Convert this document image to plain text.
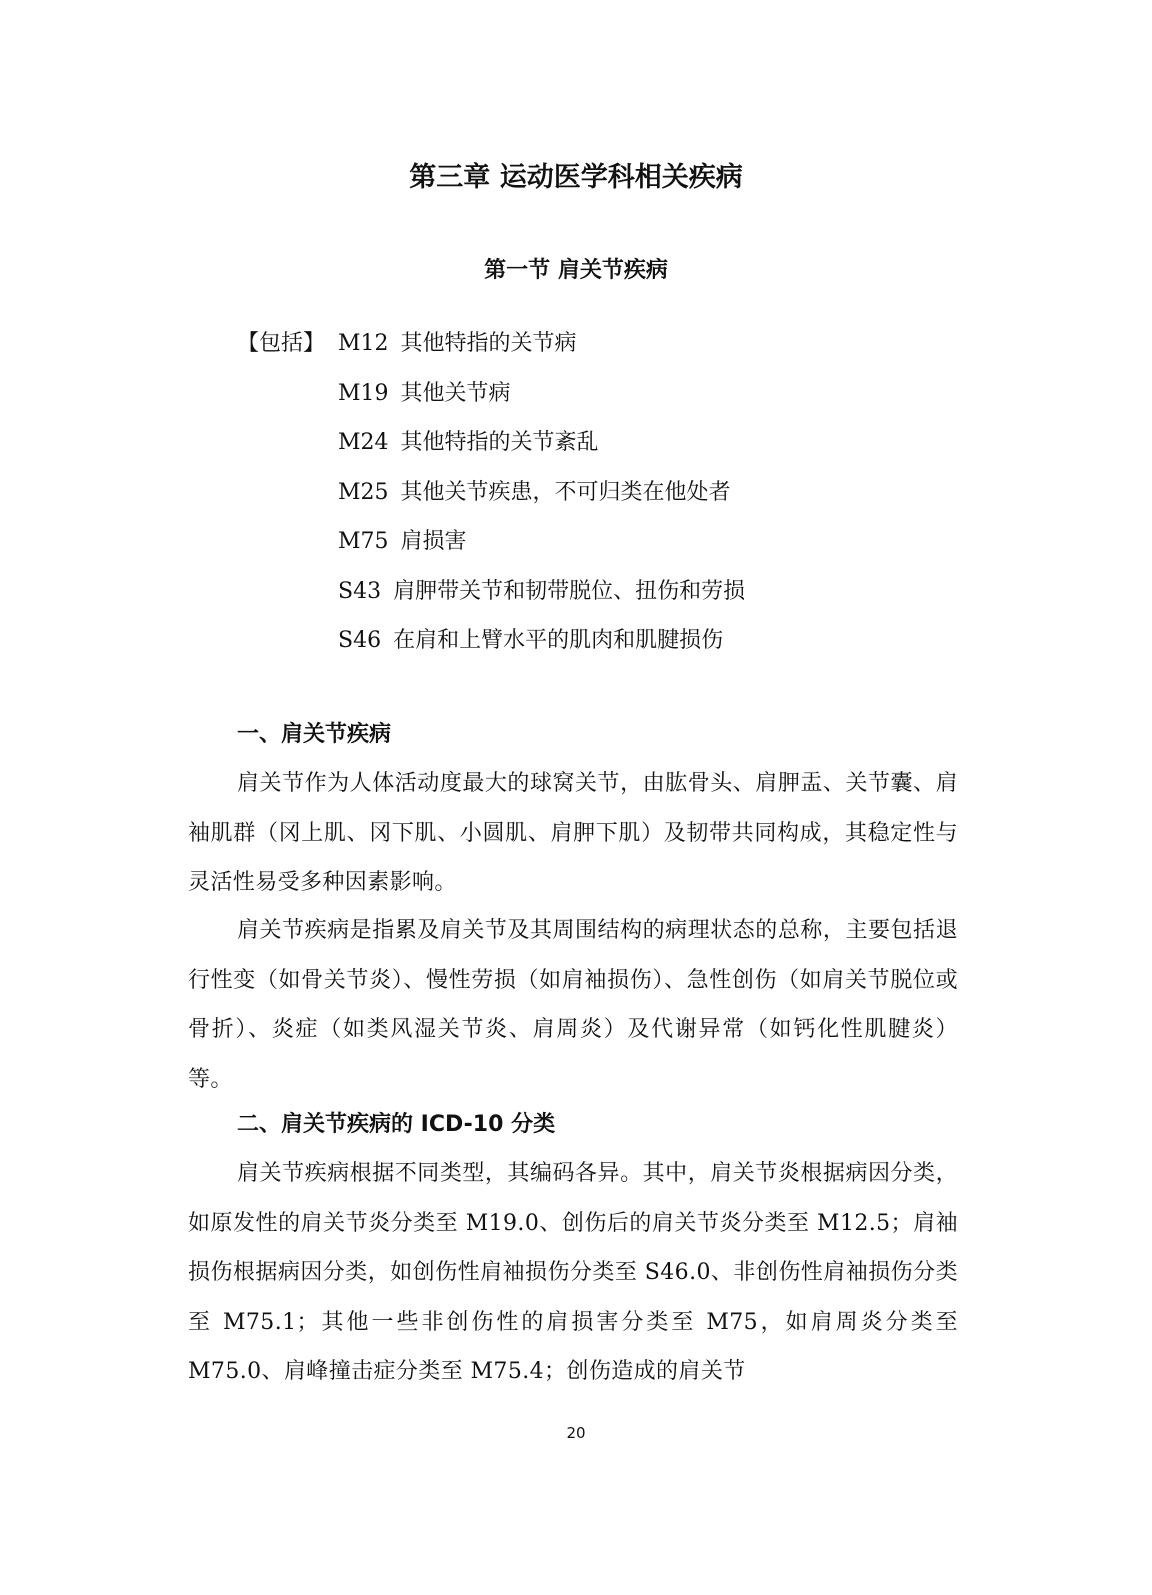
第三章 运动医学科相关疾病
第一节 肩关节疾病
【包括】 M12 其他特指的关节病
M19 其他关节病
M24 其他特指的关节紊乱
M25 其他关节疾患，不可归类在他处者
M75 肩损害
S43 肩胛带关节和韧带脱位、扭伤和劳损
S46 在肩和上臂水平的肌肉和肌腱损伤
一、肩关节疾病

肩关节作为人体活动度最大的球窝关节，由肱骨头、肩胛盂、关节囊、肩袖肌群（冈上肌、冈下肌、小圆肌、肩胛下肌）及韧带共同构成，其稳定性与灵活性易受多种因素影响。

肩关节疾病是指累及肩关节及其周围结构的病理状态的总称，主要包括退行性变（如骨关节炎）、慢性劳损（如肩袖损伤）、急性创伤（如肩关节脱位或骨折）、炎症（如类风湿关节炎、肩周炎）及代谢异常（如钙化性肌腱炎）等。

二、肩关节疾病的 ICD-10 分类

肩关节疾病根据不同类型，其编码各异。其中，肩关节炎根据病因分类，如原发性的肩关节炎分类至 M19.0、创伤后的肩关节炎分类至 M12.5；肩袖损伤根据病因分类，如创伤性肩袖损伤分类至 S46.0、非创伤性肩袖损伤分类至 M75.1；其他一些非创伤性的肩损害分类至 M75，如肩周炎分类至 M75.0、肩峰撞击症分类至 M75.4；创伤造成的肩关节

20
